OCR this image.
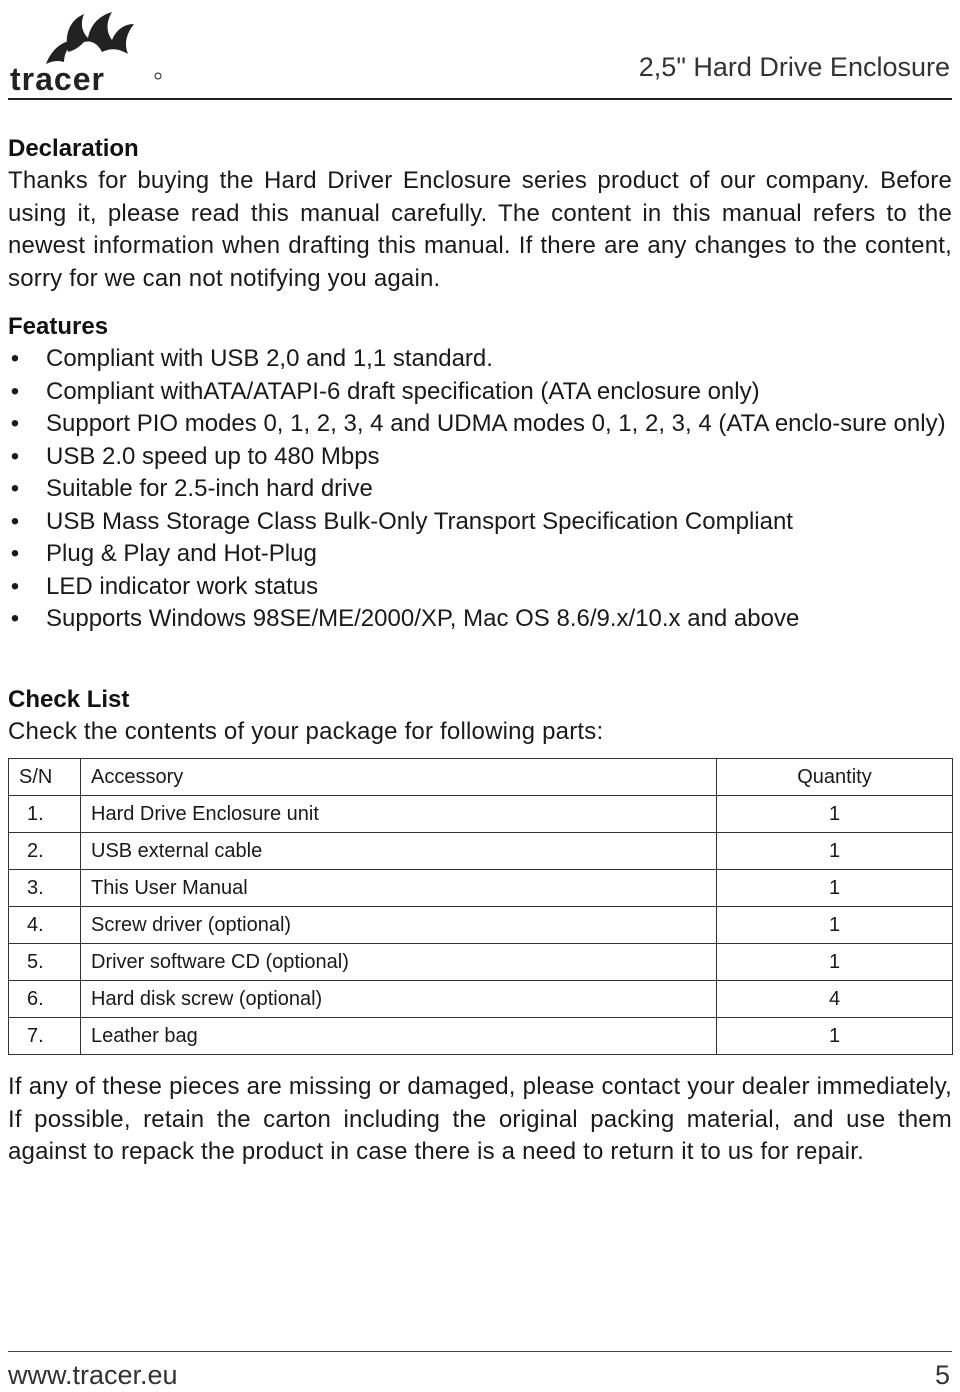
tracer	2,5" Hard Drive Enclosure
Declaration

Thanks for buying the Hard Driver Enclosure series product of our company. Before using it, please read this manual carefully. The content in this manual refers to the newest information when drafting this manual. If there are any changes to the content, sorry for we can not notifying you again.

Features
• Compliant with USB 2,0 and 1,1 standard.
• Compliant withATA/ATAPI-6 draft specification (ATA enclosure only)
• Support PIO modes 0, 1, 2, 3, 4 and UDMA modes 0, 1, 2, 3, 4 (ATA enclo-sure only)
• USB 2.0 speed up to 480 Mbps
• Suitable for 2.5-inch hard drive
• USB Mass Storage Class Bulk-Only Transport Specification Compliant
• Plug & Play and Hot-Plug
• LED indicator work status
• Supports Windows 98SE/ME/2000/XP, Mac OS 8.6/9.x/10.x and above
Check List

Check the contents of your package for following parts:

S/N	Accessory	Quantity
1.	Hard Drive Enclosure unit	1
2.	USB external cable	1
3.	This User Manual	1
4.	Screw driver (optional)	1
5.	Driver software CD (optional)	1
6.	Hard disk screw (optional)	4
7.	Leather bag	1

If any of these pieces are missing or damaged, please contact your dealer immediately, If possible, retain the carton including the original packing material, and use them against to repack the product in case there is a need to return it to us for repair.

www.tracer.eu	5
